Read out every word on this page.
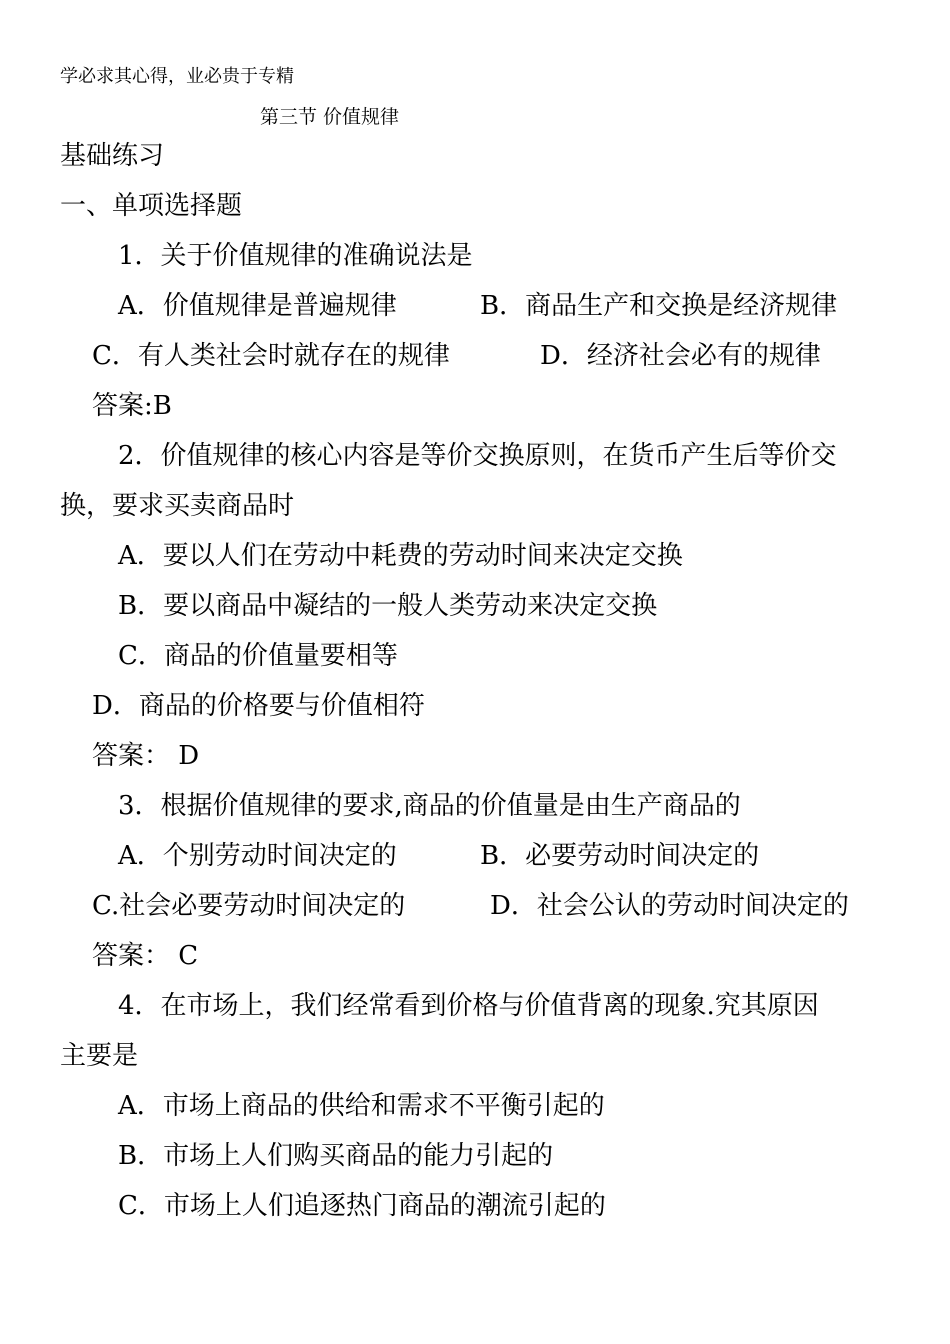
学必求其心得，业必贵于专精
第三节 价值规律
基础练习
一、单项选择题
1．关于价值规律的准确说法是
A．价值规律是普遍规律	B．商品生产和交换是经济规律
C．有人类社会时就存在的规律	D．经济社会必有的规律
答案:B
2．价值规律的核心内容是等价交换原则，在货币产生后等价交
换，要求买卖商品时
A．要以人们在劳动中耗费的劳动时间来决定交换
B．要以商品中凝结的一般人类劳动来决定交换
C．商品的价值量要相等
D．商品的价格要与价值相符
答案： D
3．根据价值规律的要求,商品的价值量是由生产商品的
A．个别劳动时间决定的	B．必要劳动时间决定的
C.社会必要劳动时间决定的	D．社会公认的劳动时间决定的
答案： C
4．在市场上，我们经常看到价格与价值背离的现象.究其原因
主要是
A．市场上商品的供给和需求不平衡引起的
B．市场上人们购买商品的能力引起的
C．市场上人们追逐热门商品的潮流引起的
